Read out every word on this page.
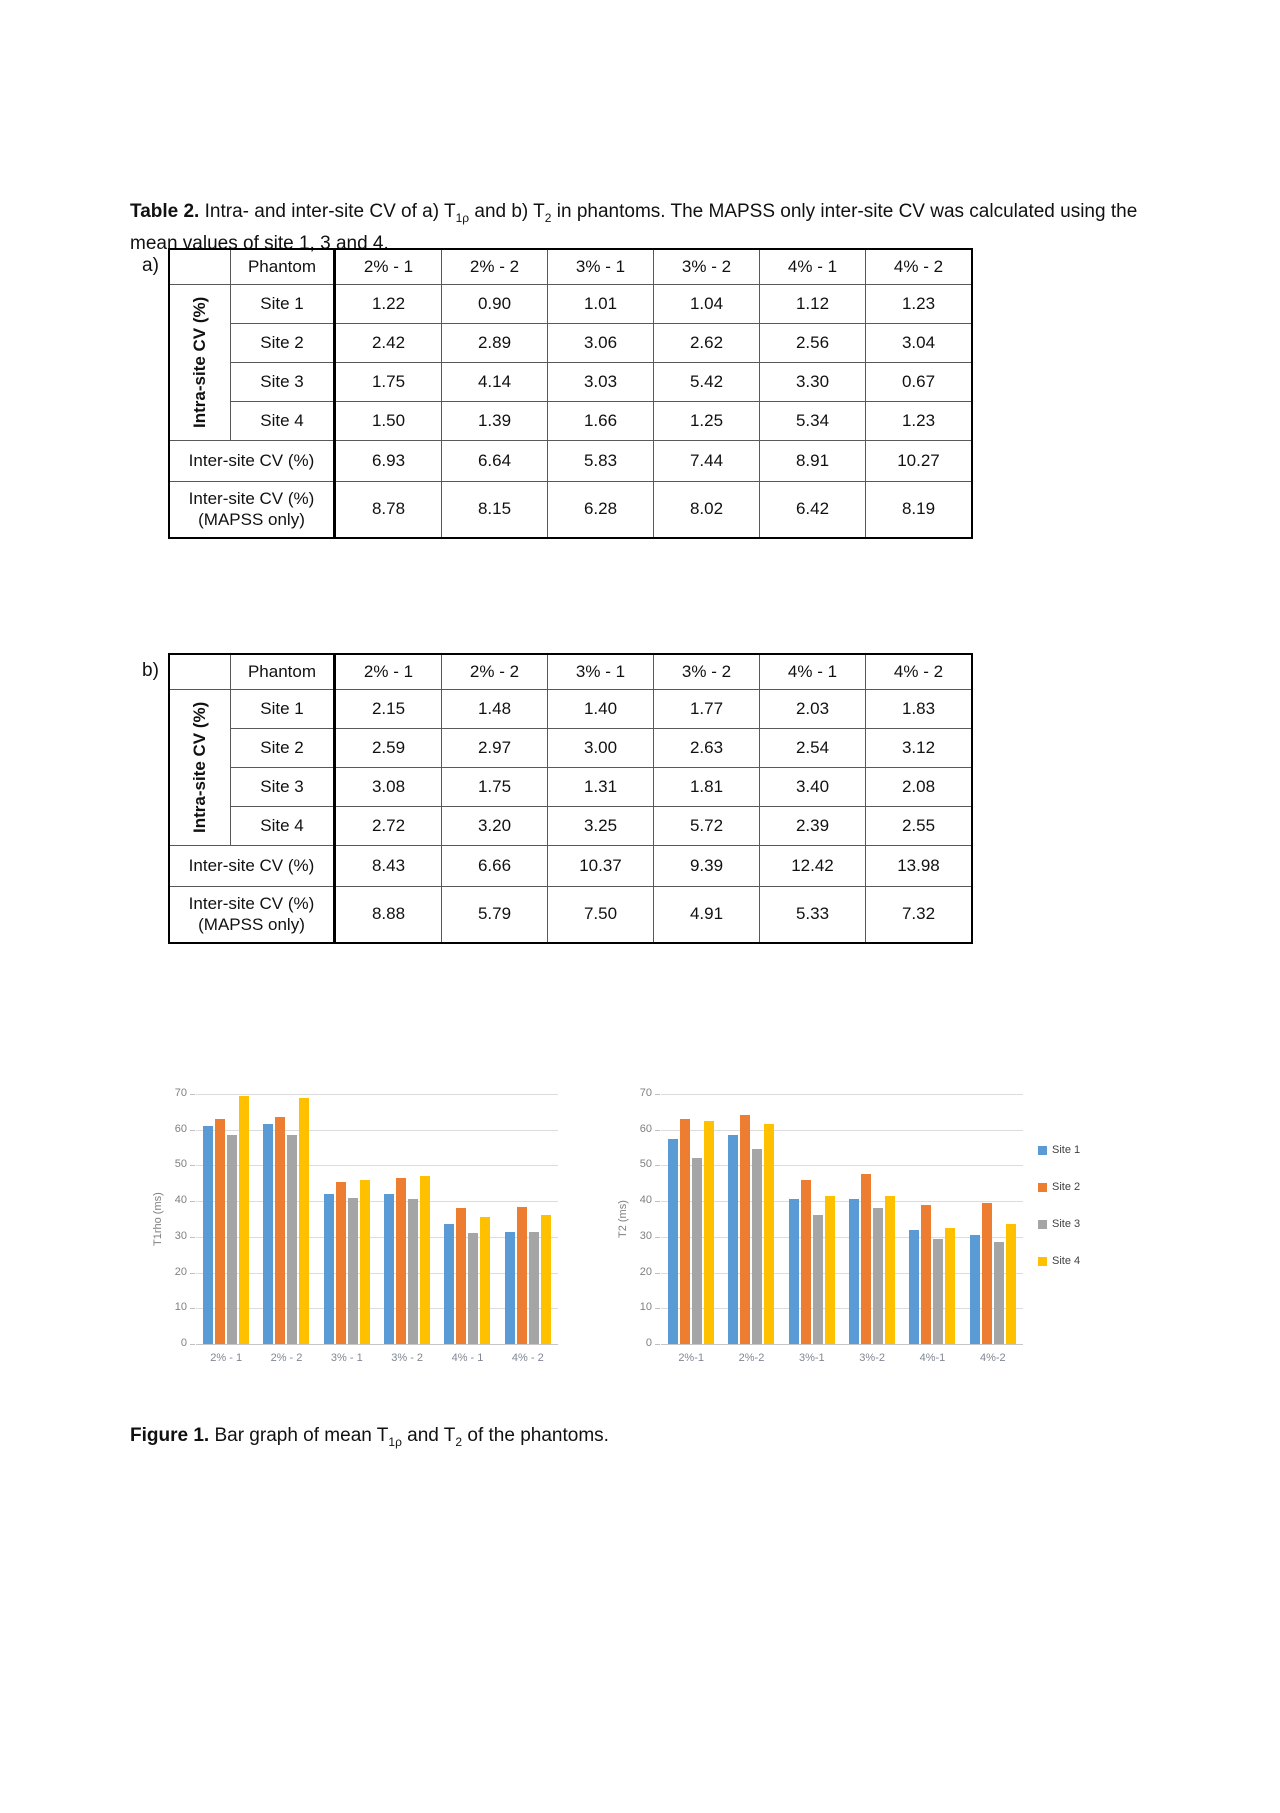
Table 2. Intra- and inter-site CV of a) $T_{1\rho}$ and b) $T_2$ in phantoms. The MAPSS only inter-site CV was calculated using the mean values of site 1, 3 and 4.

a)
		Phantom	2% - 1	2% - 2	3% - 1	3% - 2	4% - 1	4% - 2

Intra-site CV (%)	Site 1	1.22	0.90	1.01	1.04	1.12	1.23
	Site 2	2.42	2.89	3.06	2.62	2.56	3.04
	Site 3	1.75	4.14	3.03	5.42	3.30	0.67
	Site 4	1.50	1.39	1.66	1.25	5.34	1.23
Inter-site CV (%)		6.93	6.64	5.83	7.44	8.91	10.27

Inter-site CV (%)
(MAPSS only)		8.78	8.15	6.28	8.02	6.42	8.19
b)
		Phantom	2% - 1	2% - 2	3% - 1	3% - 2	4% - 1	4% - 2

Intra-site CV (%)	Site 1	2.15	1.48	1.40	1.77	2.03	1.83
	Site 2	2.59	2.97	3.00	2.63	2.54	3.12
	Site 3	3.08	1.75	1.31	1.81	3.40	2.08
	Site 4	2.72	3.20	3.25	5.72	2.39	2.55
Inter-site CV (%)		8.43	6.66	10.37	9.39	12.42	13.98

Inter-site CV (%)
(MAPSS only)		8.88	5.79	7.50	4.91	5.33	7.32
T1rho (ms)
0
10
20
30
40
50
60
70
2% - 1	2% - 2	3% - 1	3% - 2	4% - 1	4% - 2
T2 (ms)
0
10
20
30
40
50
60
70
2%-1	2%-2	3%-1	3%-2	4%-1	4%-2
Site 1
Site 2
Site 3
Site 4

Figure 1. Bar graph of mean $T_{1\rho}$ and $T_2$ of the phantoms.
